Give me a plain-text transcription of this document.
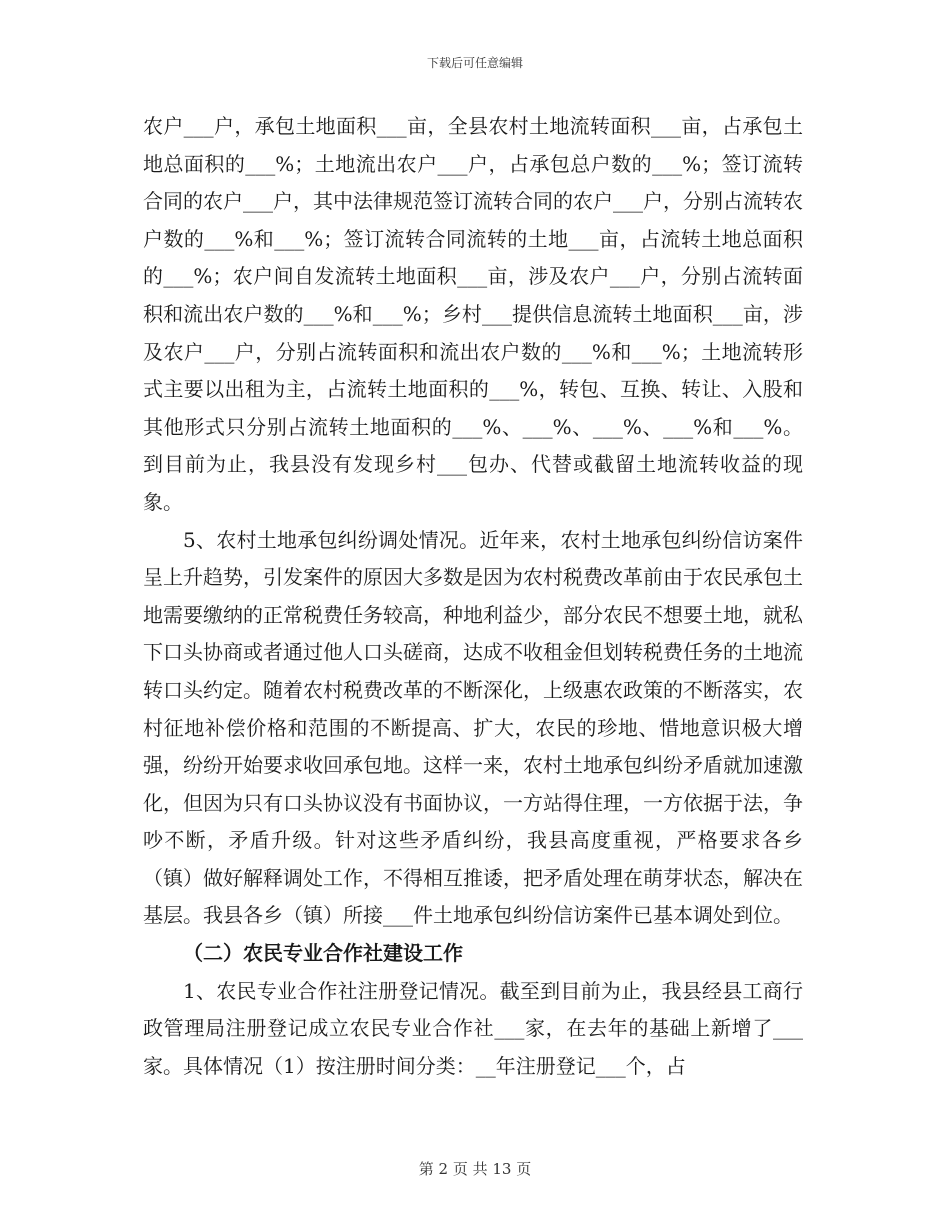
下载后可任意编辑

农户___户，承包土地面积___亩，全县农村土地流转面积___亩，占承包土地总面积的___%；土地流出农户___户，占承包总户数的___%；签订流转合同的农户___户，其中法律规范签订流转合同的农户___户，分别占流转农户数的___%和___%；签订流转合同流转的土地___亩，占流转土地总面积的___%；农户间自发流转土地面积___亩，涉及农户___户，分别占流转面积和流出农户数的___%和___%；乡村___提供信息流转土地面积___亩，涉及农户___户，分别占流转面积和流出农户数的___%和___%；土地流转形式主要以出租为主，占流转土地面积的___%，转包、互换、转让、入股和其他形式只分别占流转土地面积的___%、___%、___%、___%和___%。到目前为止，我县没有发现乡村___包办、代替或截留土地流转收益的现象。

5、农村土地承包纠纷调处情况。近年来，农村土地承包纠纷信访案件呈上升趋势，引发案件的原因大多数是因为农村税费改革前由于农民承包土地需要缴纳的正常税费任务较高，种地利益少，部分农民不想要土地，就私下口头协商或者通过他人口头磋商，达成不收租金但划转税费任务的土地流转口头约定。随着农村税费改革的不断深化，上级惠农政策的不断落实，农村征地补偿价格和范围的不断提高、扩大，农民的珍地、惜地意识极大增强，纷纷开始要求收回承包地。这样一来，农村土地承包纠纷矛盾就加速激化，但因为只有口头协议没有书面协议，一方站得住理，一方依据于法，争吵不断，矛盾升级。针对这些矛盾纠纷，我县高度重视，严格要求各乡（镇）做好解释调处工作，不得相互推诿，把矛盾处理在萌芽状态，解决在基层。我县各乡（镇）所接___件土地承包纠纷信访案件已基本调处到位。

（二）农民专业合作社建设工作

1、农民专业合作社注册登记情况。截至到目前为止，我县经县工商行政管理局注册登记成立农民专业合作社___家，在去年的基础上新增了___家。具体情况（1）按注册时间分类：__年注册登记___个，占

第 2 页 共 13 页
